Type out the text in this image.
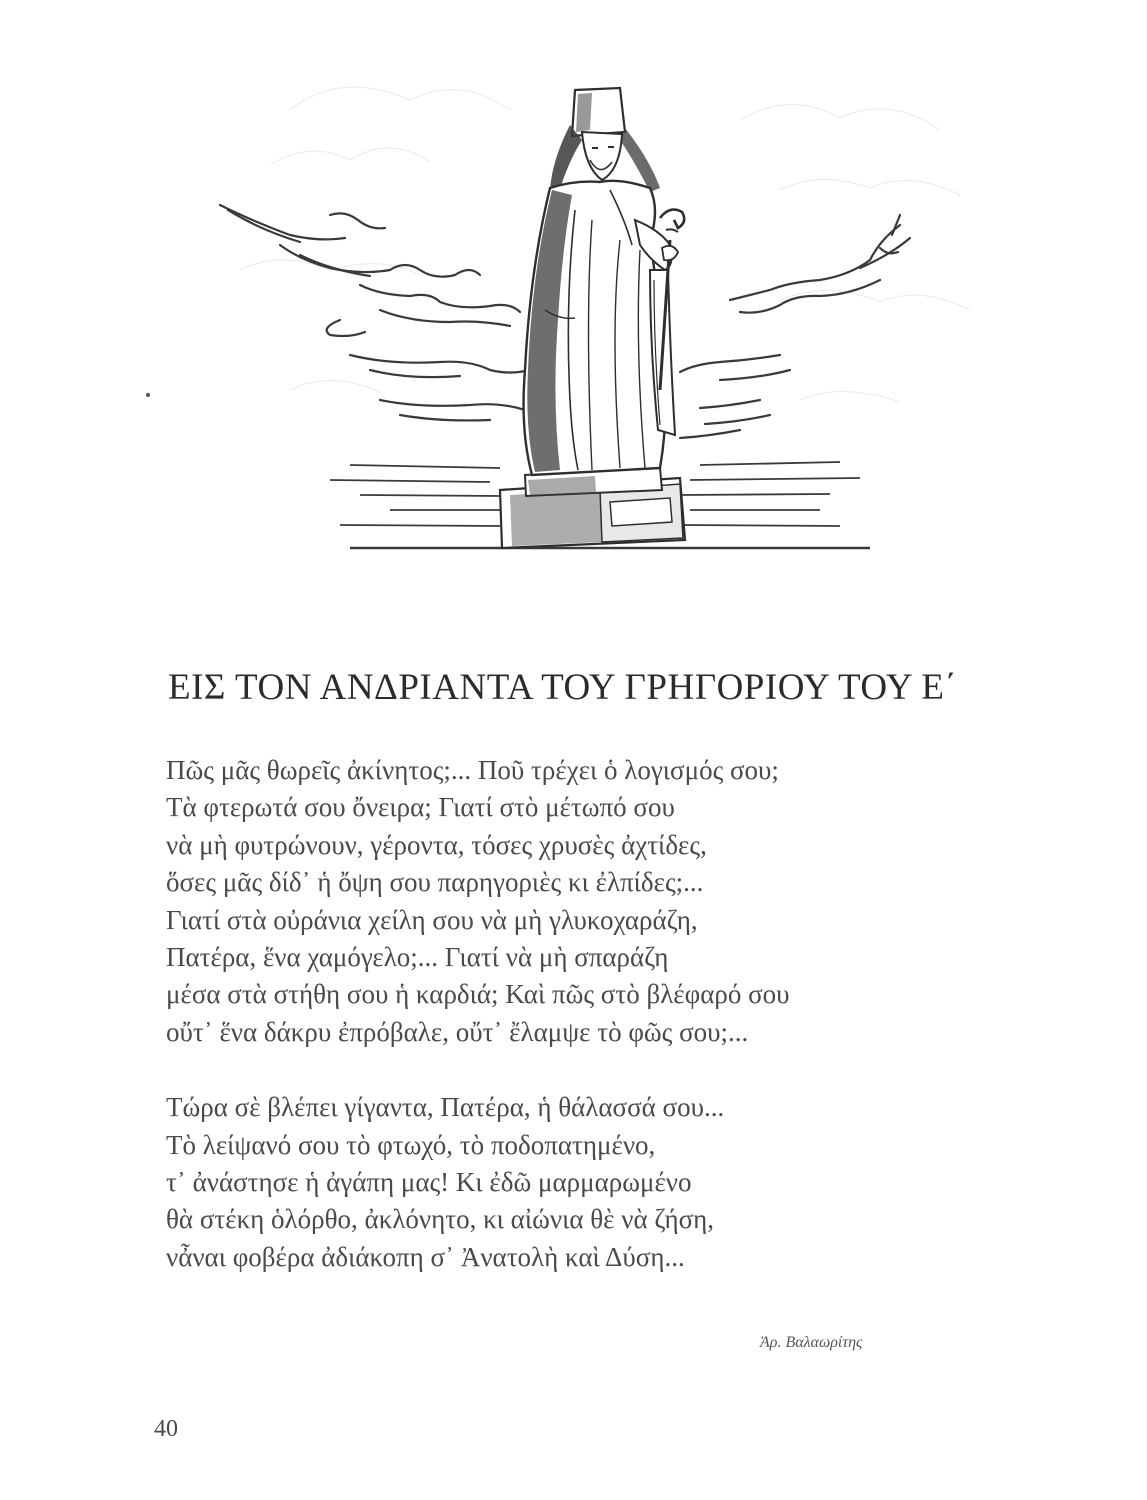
ΕΙΣ ΤΟΝ ΑΝΔΡΙΑΝΤΑ ΤΟΥ ΓΡΗΓΟΡΙΟΥ ΤΟΥ Ε΄
Πῶς μᾶς θωρεῖς ἀκίνητος;... Ποῦ τρέχει ὁ λογισμός σου;
Τὰ φτερωτά σου ὄνειρα; Γιατί στὸ μέτωπό σου
νὰ μὴ φυτρώνουν, γέροντα, τόσες χρυσὲς ἀχτίδες,
ὅσες μᾶς δίδ᾽ ἡ ὄψη σου παρηγοριὲς κι ἐλπίδες;...
Γιατί στὰ οὐράνια χείλη σου νὰ μὴ γλυκοχαράζη,
Πατέρα, ἕνα χαμόγελο;... Γιατί νὰ μὴ σπαράζη
μέσα στὰ στήθη σου ἡ καρδιά; Καὶ πῶς στὸ βλέφαρό σου
οὔτ᾽ ἕνα δάκρυ ἐπρόβαλε, οὔτ᾽ ἔλαμψε τὸ φῶς σου;...
Τώρα σὲ βλέπει γίγαντα, Πατέρα, ἡ θάλασσά σου...
Τὸ λείψανό σου τὸ φτωχό, τὸ ποδοπατημένο,
τ᾽ ἀνάστησε ἡ ἀγάπη μας! Κι ἐδῶ μαρμαρωμένο
θὰ στέκη ὁλόρθο, ἀκλόνητο, κι αἰώνια θὲ νὰ ζήση,
νἆναι φοβέρα ἀδιάκοπη σ᾽ Ἀνατολὴ καὶ Δύση...
Ἀρ. Βαλαωρίτης
40
